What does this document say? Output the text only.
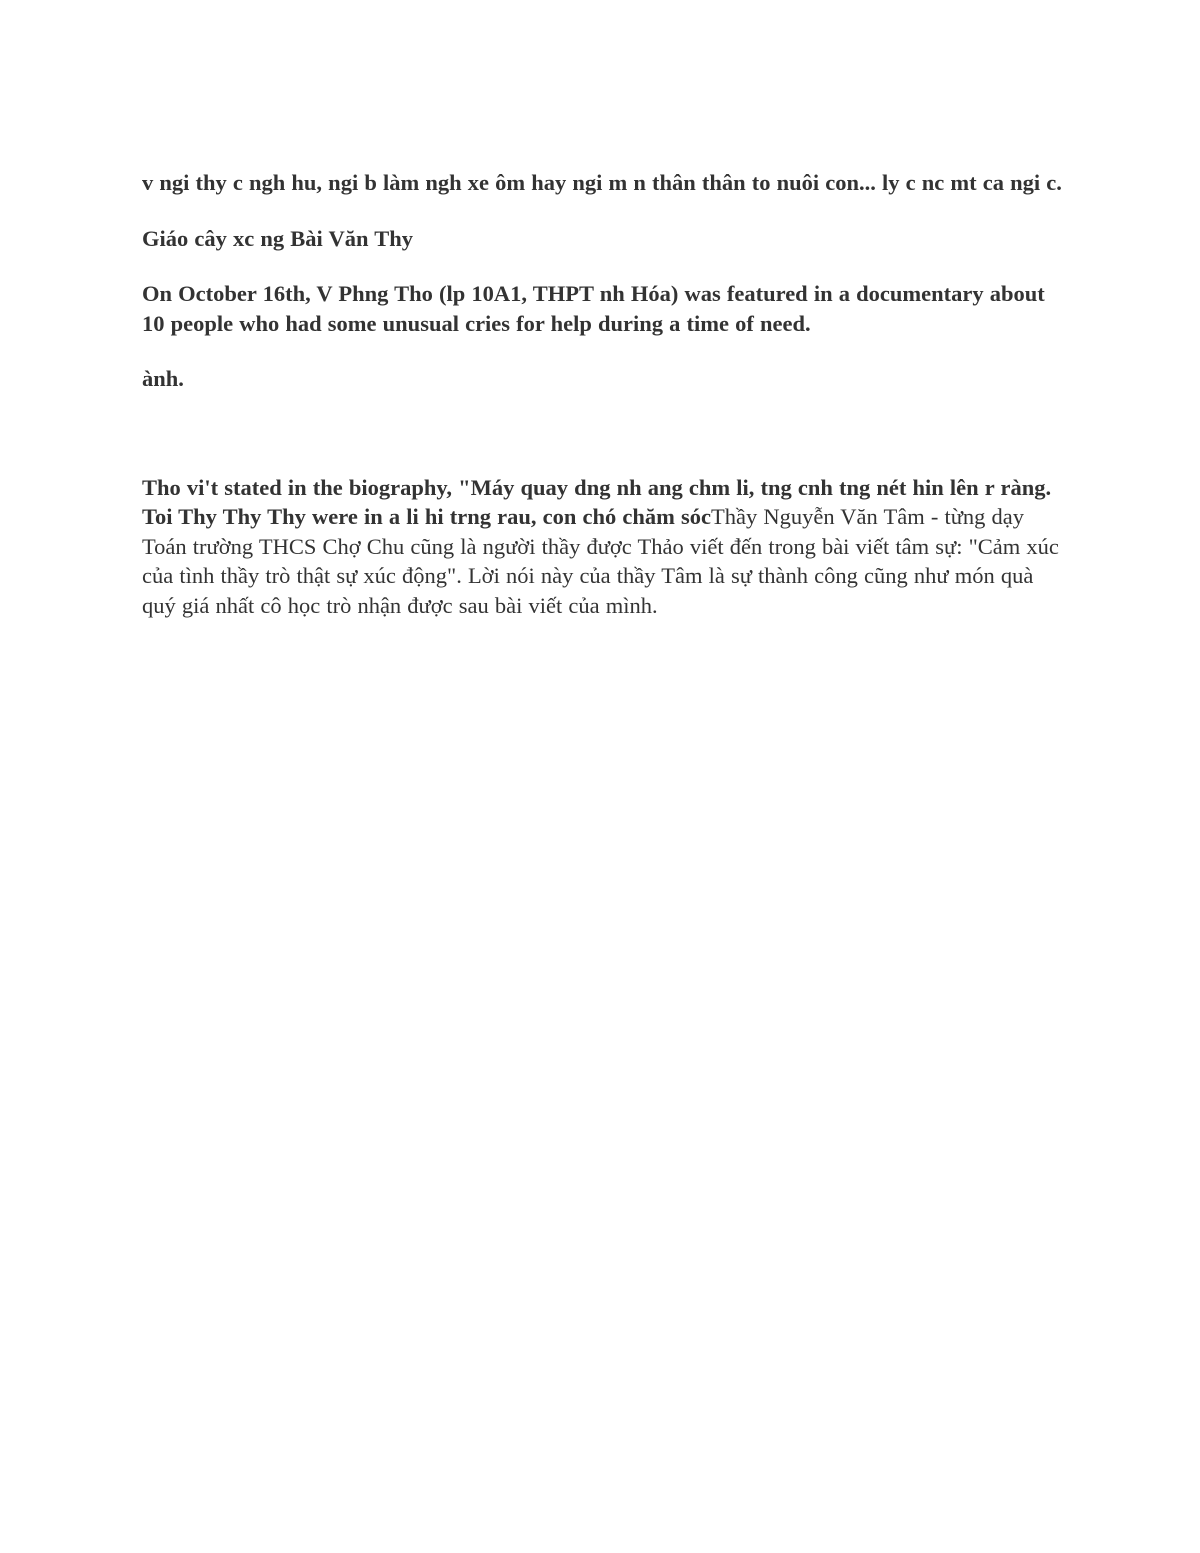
v ngi thy c ngh hu, ngi b làm ngh xe ôm hay ngi m n thân thân to nuôi con... ly c nc mt ca ngi c.

Giáo cây xc ng Bài Văn Thy

On October 16th, V Phng Tho (lp 10A1, THPT nh Hóa) was featured in a documentary about 10 people who had some unusual cries for help during a time of need.

ành.

Tho vi't stated in the biography, "Máy quay dng nh ang chm li, tng cnh tng nét hin lên r ràng. Toi Thy Thy Thy were in a li hi trng rau, con chó chăm sócThầy Nguyễn Văn Tâm - từng dạy Toán trường THCS Chợ Chu cũng là người thầy được Thảo viết đến trong bài viết tâm sự: "Cảm xúc của tình thầy trò thật sự xúc động". Lời nói này của thầy Tâm là sự thành công cũng như món quà quý giá nhất cô học trò nhận được sau bài viết của mình.
